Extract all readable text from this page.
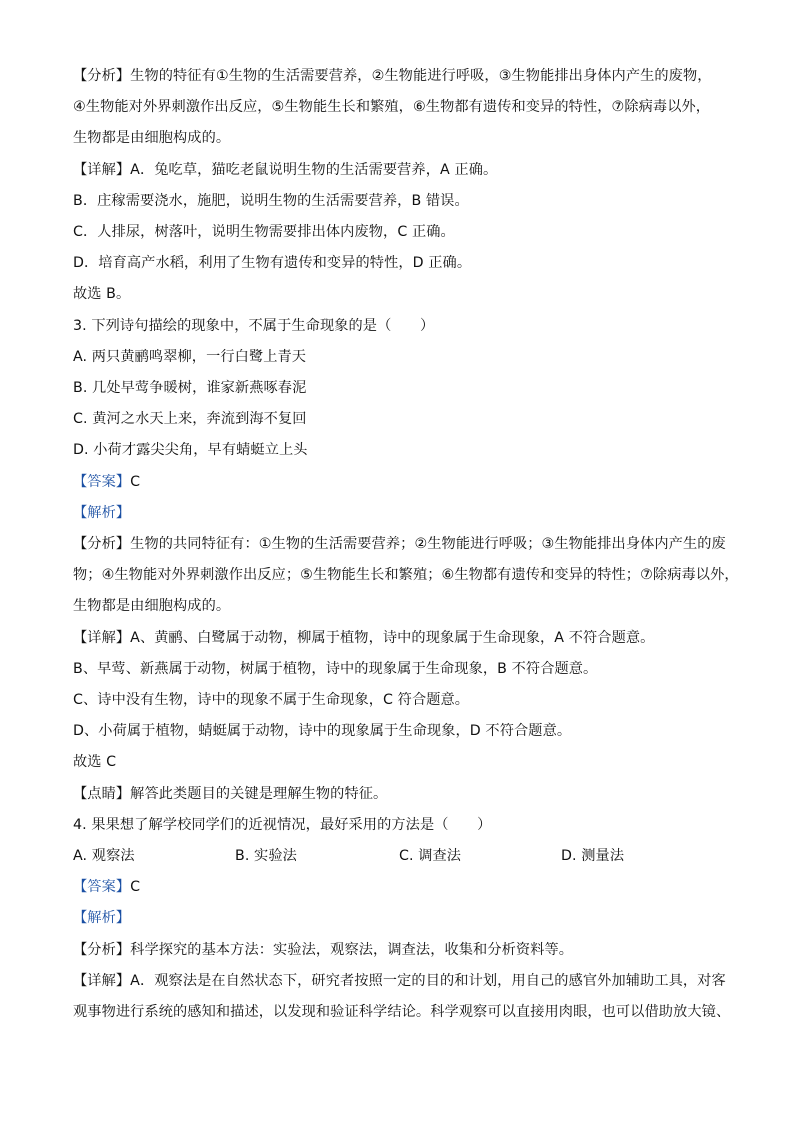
【分析】生物的特征有①生物的生活需要营养，②生物能进行呼吸，③生物能排出身体内产生的废物，
④生物能对外界刺激作出反应，⑤生物能生长和繁殖，⑥生物都有遗传和变异的特性，⑦除病毒以外，
生物都是由细胞构成的。
【详解】A．兔吃草，猫吃老鼠说明生物的生活需要营养，A 正确。
B．庄稼需要浇水，施肥，说明生物的生活需要营养，B 错误。
C．人排尿，树落叶，说明生物需要排出体内废物，C 正确。
D．培育高产水稻，利用了生物有遗传和变异的特性，D 正确。
故选 B。
3. 下列诗句描绘的现象中，不属于生命现象的是（　　）
A. 两只黄鹂鸣翠柳，一行白鹭上青天
B. 几处早莺争暖树，谁家新燕啄春泥
C. 黄河之水天上来，奔流到海不复回
D. 小荷才露尖尖角，早有蜻蜓立上头
【答案】C
【解析】
【分析】生物的共同特征有：①生物的生活需要营养；②生物能进行呼吸；③生物能排出身体内产生的废
物；④生物能对外界刺激作出反应；⑤生物能生长和繁殖；⑥生物都有遗传和变异的特性；⑦除病毒以外，
生物都是由细胞构成的。
【详解】A、黄鹂、白鹭属于动物，柳属于植物，诗中的现象属于生命现象，A 不符合题意。
B、早莺、新燕属于动物，树属于植物，诗中的现象属于生命现象，B 不符合题意。
C、诗中没有生物，诗中的现象不属于生命现象，C 符合题意。
D、小荷属于植物，蜻蜓属于动物，诗中的现象属于生命现象，D 不符合题意。
故选 C
【点睛】解答此类题目的关键是理解生物的特征。
4. 果果想了解学校同学们的近视情况，最好采用的方法是（　　）
A. 观察法	B. 实验法	C. 调查法	D. 测量法
【答案】C
【解析】
【分析】科学探究的基本方法：实验法，观察法，调查法，收集和分析资料等。
【详解】A．观察法是在自然状态下，研究者按照一定的目的和计划，用自己的感官外加辅助工具，对客
观事物进行系统的感知和描述，以发现和验证科学结论。科学观察可以直接用肉眼，也可以借助放大镜、
